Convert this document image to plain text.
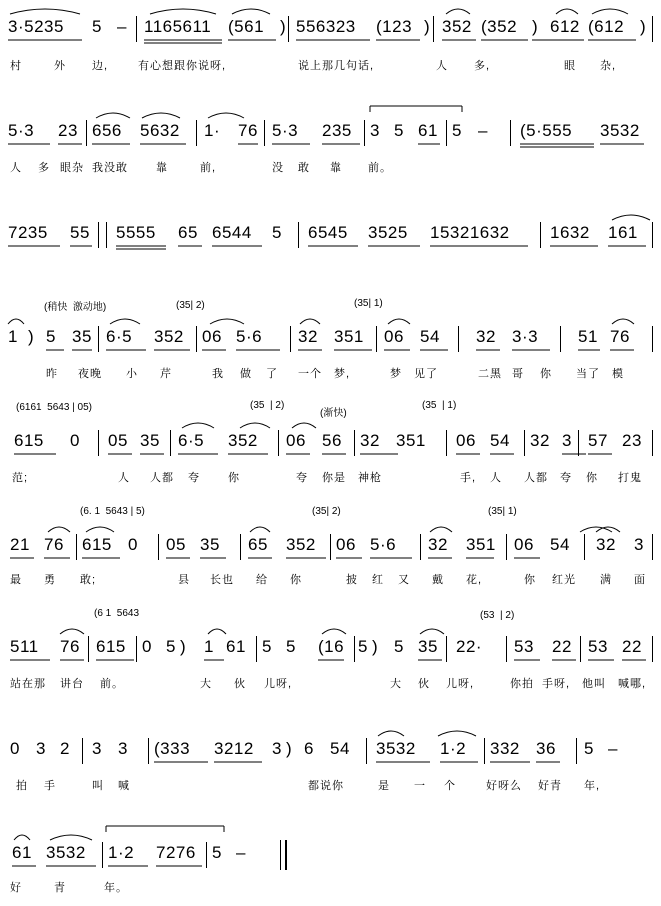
3·5235 5 – 1165611 (561 ) 556323 (123 ) 352 (352 ) 612 (612 )
村	外 边,	有心想跟你说呀,	说上那几句话,	人 多,	眼 杂,
5·3 23 656 5632 1· 76 5·3 235 3 5 61 5 – (5·555 3532
人 多 眼杂 我没敢	靠	前,	没 敢 靠 前。
7235 55 5555 65 6544 5 6545 3525 15321632 1632 161
(稍快  激动地)	(35| 2)	(35| 1)
1 ) 5 35 6·5 352 06 5·6 32 351 06 54 32 3·3 51 76
昨 夜晚 小 芹	我 做 了 一个 梦,	梦 见了	二黑 哥 你 当了 模
(6161  5643 | 05)	(35  | 2)
(渐快)
(35  | 1)
615 0 05 35 6·5 352 06 56 32 351 06 54 32 3 57 23
范;	人 人都 夸	你	夸 你是 神枪	手, 人 人都 夸 你 打鬼
(6. 1  5643 | 5)	(35| 2)	(35| 1)
21 76 615 0 05 35 65 352 06 5·6 32 351 06 54 32 3
最 勇 敢;	县 长也 给 你	披 红 又 戴 花,	你 红光 满 面
(6 1  5643	(53  | 2)
511 76 615 0 5 ) 1 61 5 5 (16 5 ) 5 35 22· 53 22 53 22
站在那 讲台 前。	大 伙 儿呀,	大 伙 儿呀,	你拍 手呀, 他叫 喊哪,
0 3 2 3 3 (333 3212 3 ) 6 54 3532 1·2 332 36 5 –
拍 手	叫 喊	都说你	是 一 个	好呀么 好青 年,
61 3532 1·2 7276 5 –
好	青	年。
